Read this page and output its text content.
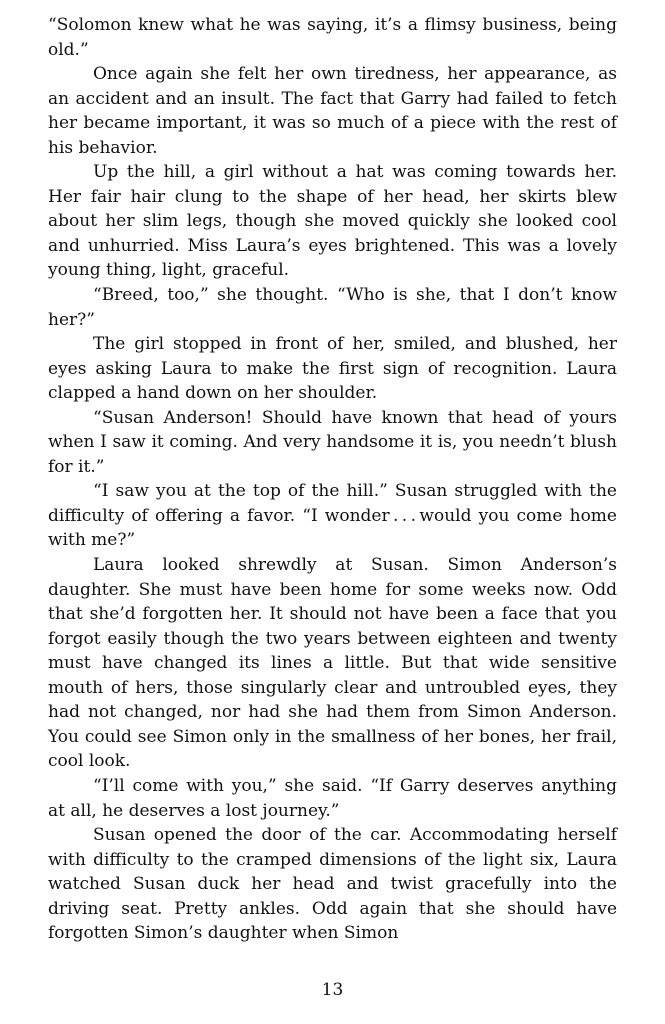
“Solomon knew what he was saying, it’s a flimsy business, being old.”

Once again she felt her own tiredness, her appearance, as an accident and an insult. The fact that Garry had failed to fetch her became important, it was so much of a piece with the rest of his behavior.

Up the hill, a girl without a hat was coming towards her. Her fair hair clung to the shape of her head, her skirts blew about her slim legs, though she moved quickly she looked cool and unhurried. Miss Laura’s eyes brightened. This was a lovely young thing, light, graceful.

“Breed, too,” she thought. “Who is she, that I don’t know her?”

The girl stopped in front of her, smiled, and blushed, her eyes asking Laura to make the first sign of recognition. Laura clapped a hand down on her shoulder.

“Susan Anderson! Should have known that head of yours when I saw it coming. And very handsome it is, you needn’t blush for it.”

“I saw you at the top of the hill.” Susan struggled with the difficulty of offering a favor. “I wonder . . . would you come home with me?”

Laura looked shrewdly at Susan. Simon Anderson’s daughter. She must have been home for some weeks now. Odd that she’d forgotten her. It should not have been a face that you forgot easily though the two years between eighteen and twenty must have changed its lines a little. But that wide sensitive mouth of hers, those singularly clear and untroubled eyes, they had not changed, nor had she had them from Simon Anderson. You could see Simon only in the smallness of her bones, her frail, cool look.

“I’ll come with you,” she said. “If Garry deserves anything at all, he deserves a lost journey.”

Susan opened the door of the car. Accommodating herself with difficulty to the cramped dimensions of the light six, Laura watched Susan duck her head and twist gracefully into the driving seat. Pretty ankles. Odd again that she should have forgotten Simon’s daughter when Simon

13
